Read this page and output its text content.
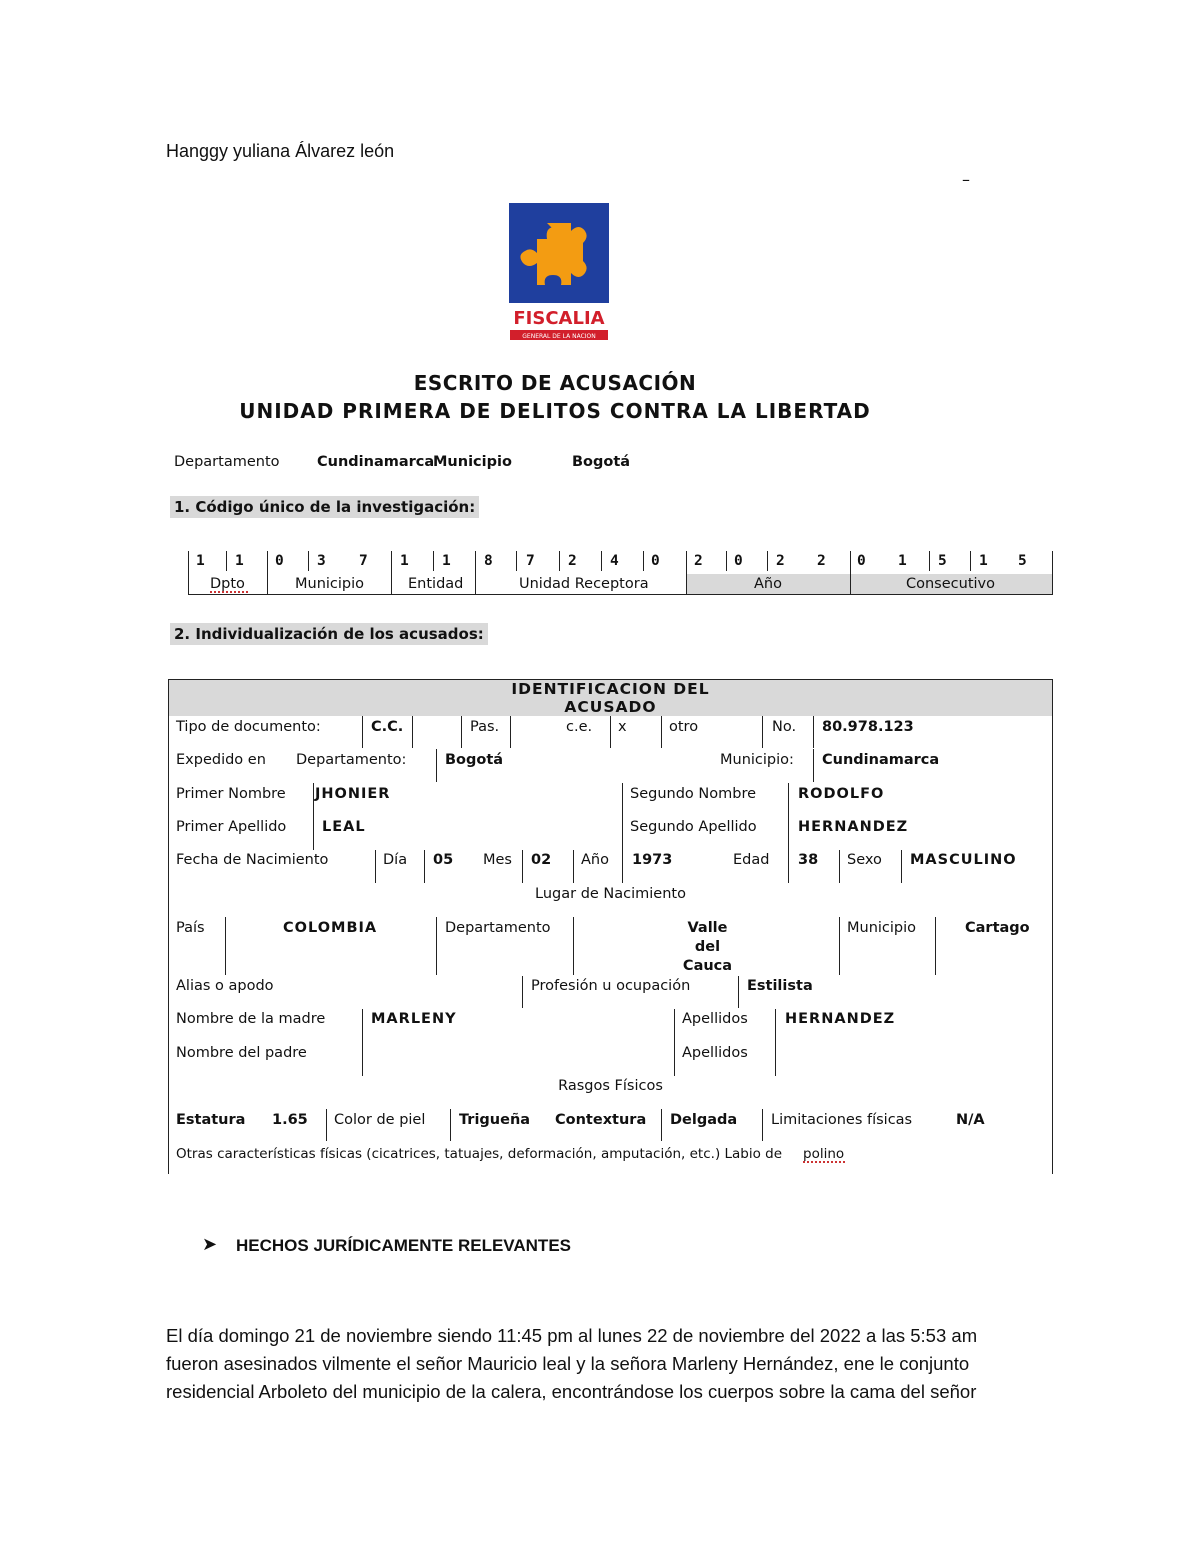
Hanggy yuliana Álvarez león
–
FISCALIA
GENERAL DE LA NACION
ESCRITO DE ACUSACIÓN
UNIDAD PRIMERA DE DELITOS CONTRA LA LIBERTAD
Departamento	Cundinamarca
Municipio	Bogotá
1. Código único de la investigación:
1 1 0 3 7 1 1 8 7 2 4 0 2 0 2 2 0 1 5 1 5
Dpto	Municipio	Entidad	Unidad Receptora	Año	Consecutivo
2. Individualización de los acusados:
IDENTIFICACION DEL
ACUSADO
Tipo de documento:	C.C.	Pas.	c.e. x	otro	No. 80.978.123
Expedido en Departamento:	Bogotá	Municipio: Cundinamarca
Primer Nombre JHONIER	Segundo Nombre	RODOLFO
Primer Apellido LEAL	Segundo Apellido	HERNANDEZ
Fecha de Nacimiento	Día 05 Mes 02 Año 1973	Edad 38 Sexo MASCULINO
Lugar de Nacimiento
País	COLOMBIA	Departamento	Valle
del
Cauca
Municipio	Cartago
Alias o apodo	Profesión u ocupación	Estilista
Nombre de la madre	MARLENY	Apellidos	HERNANDEZ
Nombre del padre	Apellidos
Rasgos Físicos
Estatura 1.65 Color de piel Trigueña Contextura Delgada Limitaciones físicas	N/A
Otras características físicas (cicatrices, tatuajes, deformación, amputación, etc.) Labio de polino
➤ HECHOS JURÍDICAMENTE RELEVANTES
El día domingo 21 de noviembre siendo 11:45 pm al lunes 22 de noviembre del 2022 a las 5:53 am
fueron asesinados vilmente el señor Mauricio leal y la señora Marleny Hernández, ene le conjunto
residencial Arboleto del municipio de la calera, encontrándose los cuerpos sobre la cama del señor
